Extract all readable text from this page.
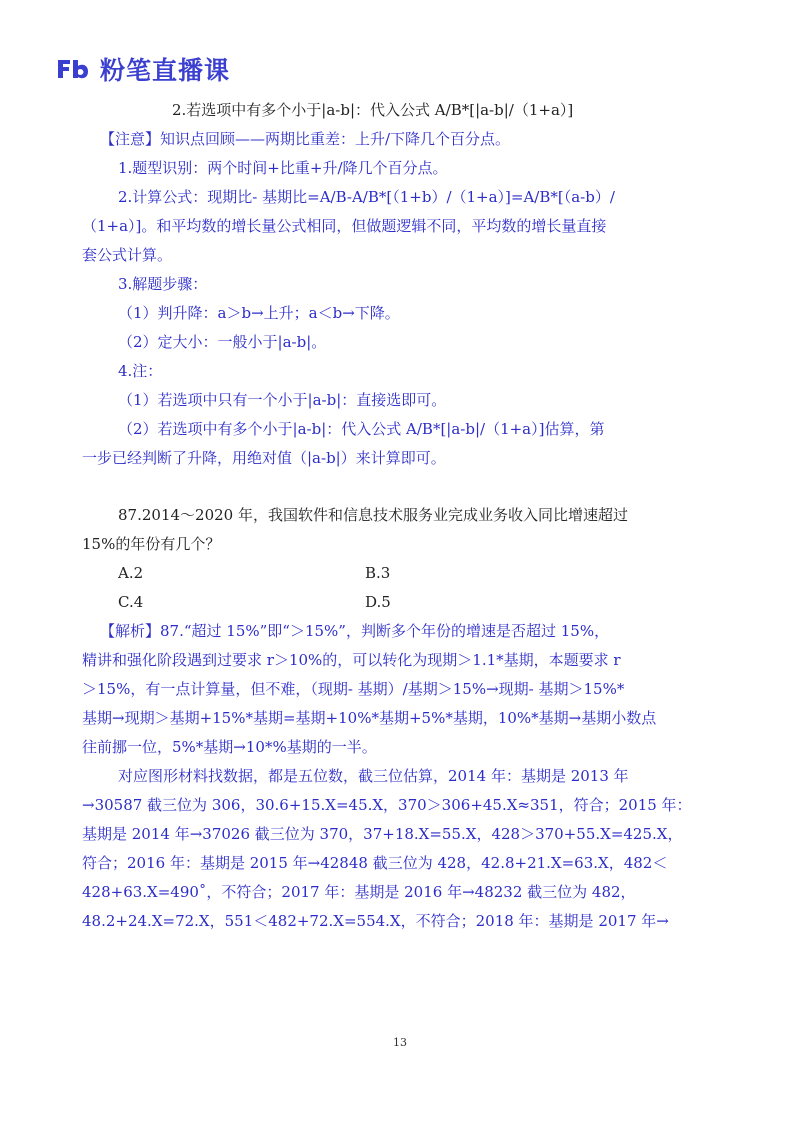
粉笔直播课

2.若选项中有多个小于|a-b|：代入公式 A/B*[|a-b|/（1+a）]

【注意】知识点回顾——两期比重差：上升/下降几个百分点。

1.题型识别：两个时间+比重+升/降几个百分点。

2.计算公式：现期比- 基期比=A/B-A/B*[（1+b）/（1+a）]=A/B*[（a-b）/

（1+a）]。和平均数的增长量公式相同，但做题逻辑不同，平均数的增长量直接

套公式计算。

3.解题步骤：

（1）判升降：a＞b→上升；a＜b→下降。

（2）定大小：一般小于|a-b|。

4.注：

（1）若选项中只有一个小于|a-b|：直接选即可。

（2）若选项中有多个小于|a-b|：代入公式 A/B*[|a-b|/（1+a）]估算，第

一步已经判断了升降，用绝对值（|a-b|）来计算即可。

87.2014～2020 年，我国软件和信息技术服务业完成业务收入同比增速超过

15%的年份有几个？

A.2	B.3
C.4	D.5

【解析】87.“超过 15%”即“＞15%”，判断多个年份的增速是否超过 15%，

精讲和强化阶段遇到过要求 r＞10%的，可以转化为现期＞1.1*基期，本题要求 r

＞15%，有一点计算量，但不难，（现期- 基期）/基期＞15%→现期- 基期＞15%*

基期→现期＞基期+15%*基期=基期+10%*基期+5%*基期，10%*基期→基期小数点

往前挪一位，5%*基期→10*%基期的一半。

对应图形材料找数据，都是五位数，截三位估算，2014 年：基期是 2013 年

→30587 截三位为 306，30.6+15.X=45.X，370＞306+45.X≈351，符合；2015 年：

基期是 2014 年→37026 截三位为 370，37+18.X=55.X，428＞370+55.X=425.X，

符合；2016 年：基期是 2015 年→42848 截三位为 428，42.8+21.X=63.X，482＜

428+63.X=490˚，不符合；2017 年：基期是 2016 年→48232 截三位为 482，

48.2+24.X=72.X，551＜482+72.X=554.X，不符合；2018 年：基期是 2017 年→

13
